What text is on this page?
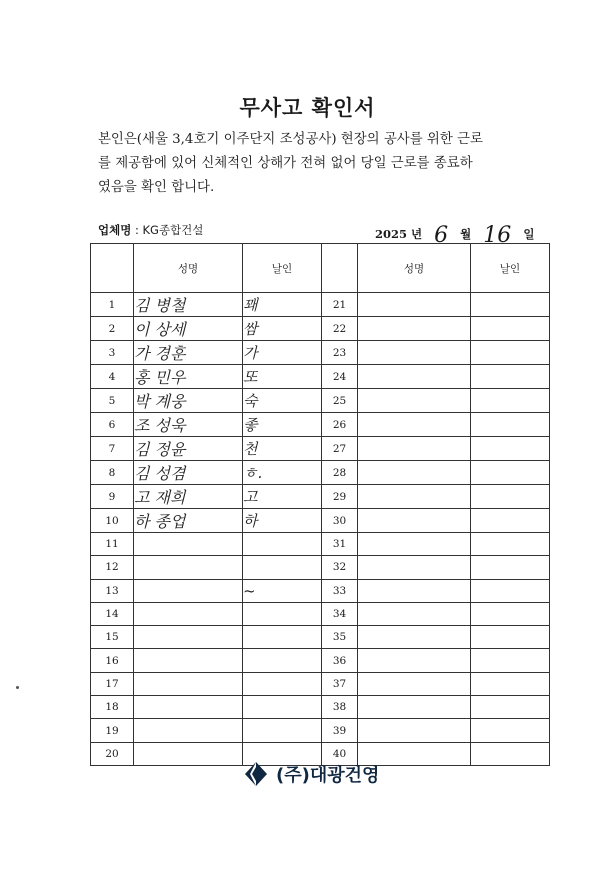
무사고 확인서
본인은(새울 3,4호기 이주단지 조성공사) 현장의 공사를 위한 근로
를 제공함에 있어 신체적인 상해가 전혀 없어 당일 근로를 종료하
였음을 확인 합니다.
업체명 : KG종합건설	2025 년 6 월 16 일
	성명	날인		성명	날인
1	김 병철	꽤	21		
2	이 상세	쌈	22		
3	가 경훈	가	23		
4	홍 민우	또	24		
5	박 계웅	숙	25		
6	조 성욱	좋	26		
7	김 정윤	천	27		
8	김 성겸	ㅎ.	28		
9	고 재희	고	29		
10	하 종업	하	30		
11			31		
12			32		
13		~	33		
14			34		
15			35		
16			36		
17			37		
18			38		
19			39		
20			40		
(주)대광건영
